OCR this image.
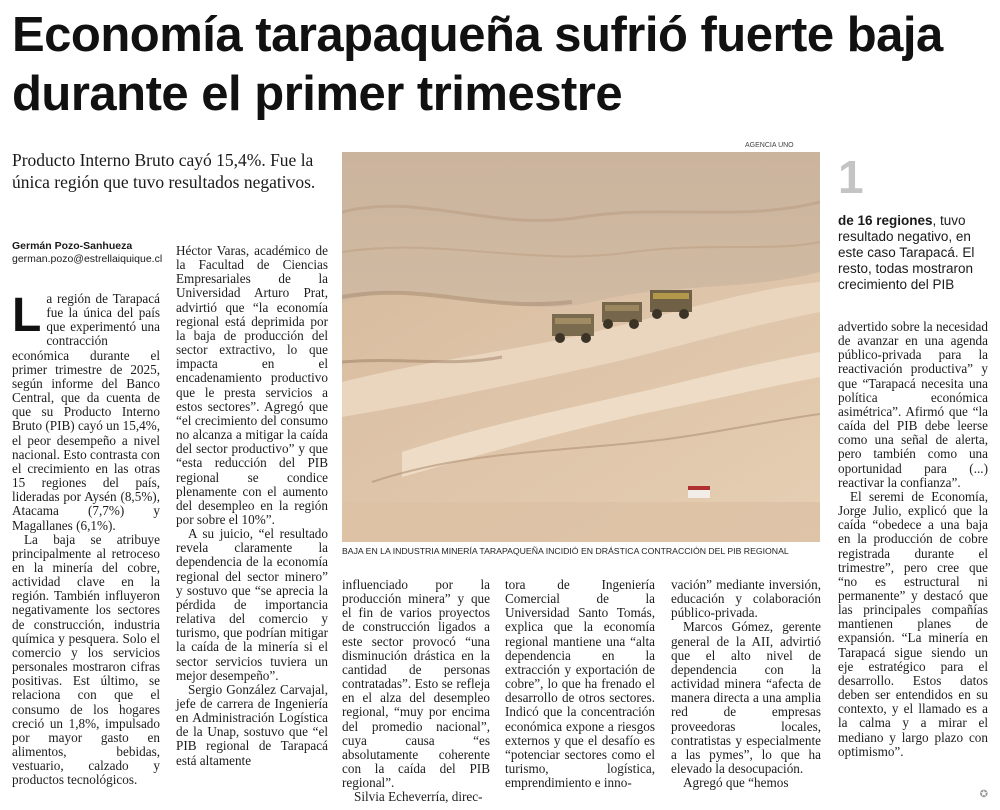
Economía tarapaqueña sufrió fuerte baja durante el primer trimestre
Producto Interno Bruto cayó 15,4%. Fue la única región que tuvo resultados negativos.
Germán Pozo-Sanhueza
german.pozo@estrellaiquique.cl

La región de Tarapacá fue la única del país que experimentó una contracción económica durante el primer trimestre de 2025, según informe del Banco Central, que da cuenta de que su Producto Interno Bruto (PIB) cayó un 15,4%, el peor desempeño a nivel nacional. Esto contrasta con el crecimiento en las otras 15 regiones del país, lideradas por Aysén (8,5%), Atacama (7,7%) y Magallanes (6,1%).

La baja se atribuye principalmente al retroceso en la minería del cobre, actividad clave en la región. También influyeron negativamente los sectores de construcción, industria química y pesquera. Solo el comercio y los servicios personales mostraron cifras positivas. Est último, se relaciona con que el consumo de los hogares creció un 1,8%, impulsado por mayor gasto en alimentos, bebidas, vestuario, calzado y productos tecnológicos.

Héctor Varas, académico de la Facultad de Ciencias Empresariales de la Universidad Arturo Prat, advirtió que “la economía regional está deprimida por la baja de producción del sector extractivo, lo que impacta en el encadenamiento productivo que le presta servicios a estos sectores”. Agregó que “el crecimiento del consumo no alcanza a mitigar la caída del sector productivo” y que “esta reducción del PIB regional se condice plenamente con el aumento del desempleo en la región por sobre el 10%”.

A su juicio, “el resultado revela claramente la dependencia de la economía regional del sector minero” y sostuvo que “se aprecia la pérdida de importancia relativa del comercio y turismo, que podrían mitigar la caída de la minería si el sector servicios tuviera un mejor desempeño”.

Sergio González Carvajal, jefe de carrera de Ingeniería en Administración Logística de la Unap, sostuvo que “el PIB regional de Tarapacá está altamente

AGENCIA UNO
BAJA EN LA INDUSTRIA MINERÍA TARAPAQUEÑA INCIDIÓ EN DRÁSTICA CONTRACCIÓN DEL PIB REGIONAL
1
de 16 regiones, tuvo resultado negativo, en este caso Tarapacá. El resto, todas mostraron crecimiento del PIB

influenciado por la producción minera” y que el fin de varios proyectos de construcción ligados a este sector provocó “una disminución drástica en la cantidad de personas contratadas”. Esto se refleja en el alza del desempleo regional, “muy por encima del promedio nacional”, cuya causa “es absolutamente coherente con la caída del PIB regional”.

Silvia Echeverría, direc-

tora de Ingeniería Comercial de la Universidad Santo Tomás, explica que la economía regional mantiene una “alta dependencia en la extracción y exportación de cobre”, lo que ha frenado el desarrollo de otros sectores. Indicó que la concentración económica expone a riesgos externos y que el desafío es “potenciar sectores como el turismo, logística, emprendimiento e inno-

vación” mediante inversión, educación y colaboración público-privada.

Marcos Gómez, gerente general de la AII, advirtió que el alto nivel de dependencia con la actividad minera “afecta de manera directa a una amplia red de empresas proveedoras locales, contratistas y especialmente a las pymes”, lo que ha elevado la desocupación.

Agregó que “hemos

advertido sobre la necesidad de avanzar en una agenda público-privada para la reactivación productiva” y que “Tarapacá necesita una política económica asimétrica”. Afirmó que “la caída del PIB debe leerse como una señal de alerta, pero también como una oportunidad para (...) reactivar la confianza”.

El seremi de Economía, Jorge Julio, explicó que la caída “obedece a una baja en la producción de cobre registrada durante el trimestre”, pero cree que “no es estructural ni permanente” y destacó que las principales compañías mantienen planes de expansión. “La minería en Tarapacá sigue siendo un eje estratégico para el desarrollo. Estos datos deben ser entendidos en su contexto, y el llamado es a la calma y a mirar el mediano y largo plazo con optimismo”.

✪
